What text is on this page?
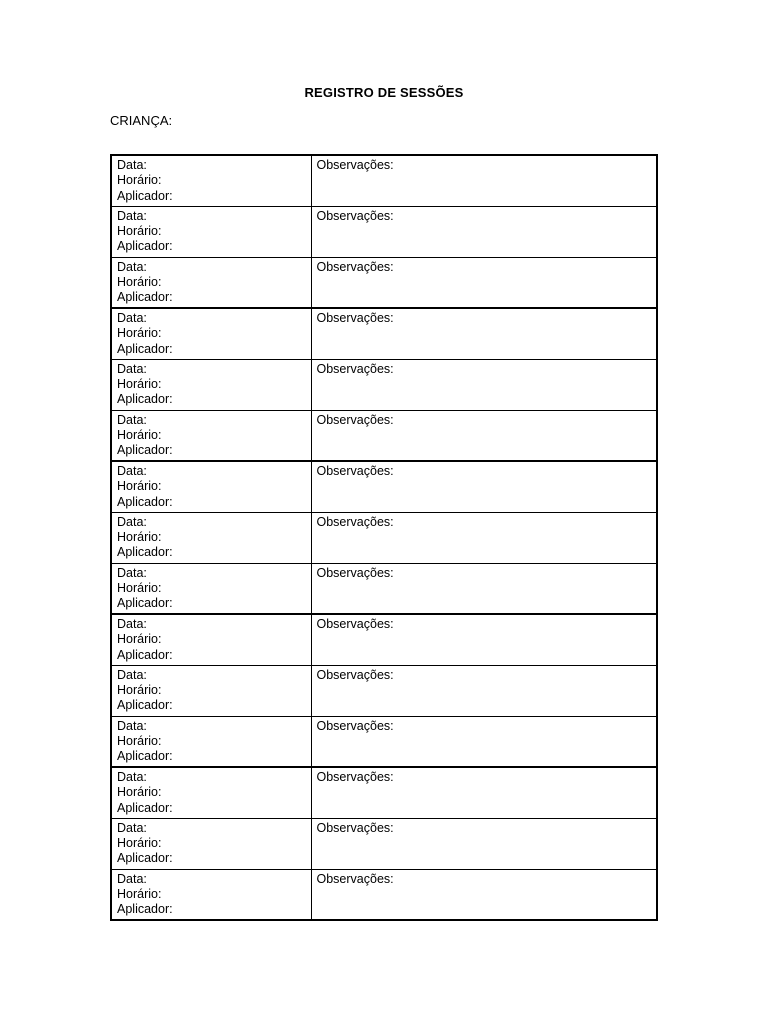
REGISTRO DE SESSÕES
CRIANÇA:
Data:
Horário:
Aplicador:	Observações:

Data:
Horário:
Aplicador:	Observações:

Data:
Horário:
Aplicador:	Observações:

Data:
Horário:
Aplicador:	Observações:

Data:
Horário:
Aplicador:	Observações:

Data:
Horário:
Aplicador:	Observações:

Data:
Horário:
Aplicador:	Observações:

Data:
Horário:
Aplicador:	Observações:

Data:
Horário:
Aplicador:	Observações:

Data:
Horário:
Aplicador:	Observações:

Data:
Horário:
Aplicador:	Observações:

Data:
Horário:
Aplicador:	Observações:

Data:
Horário:
Aplicador:	Observações:

Data:
Horário:
Aplicador:	Observações:

Data:
Horário:
Aplicador:	Observações:
